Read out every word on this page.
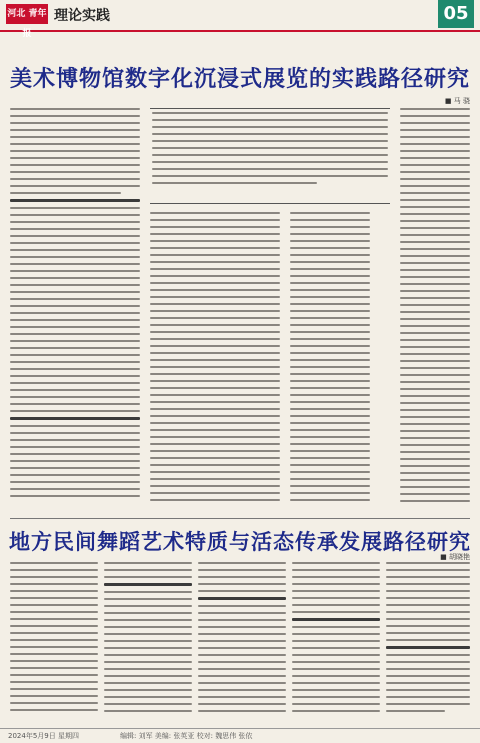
河北 青年报
理论实践	05
美术博物馆数字化沉浸式展览的实践路径研究
■ 马 骁
地方民间舞蹈艺术特质与活态传承发展路径研究
■ 胡晓艳
2024年5月9日 星期四	编辑: 刘军 美编: 张英亚 校对: 魏思伟 张依
